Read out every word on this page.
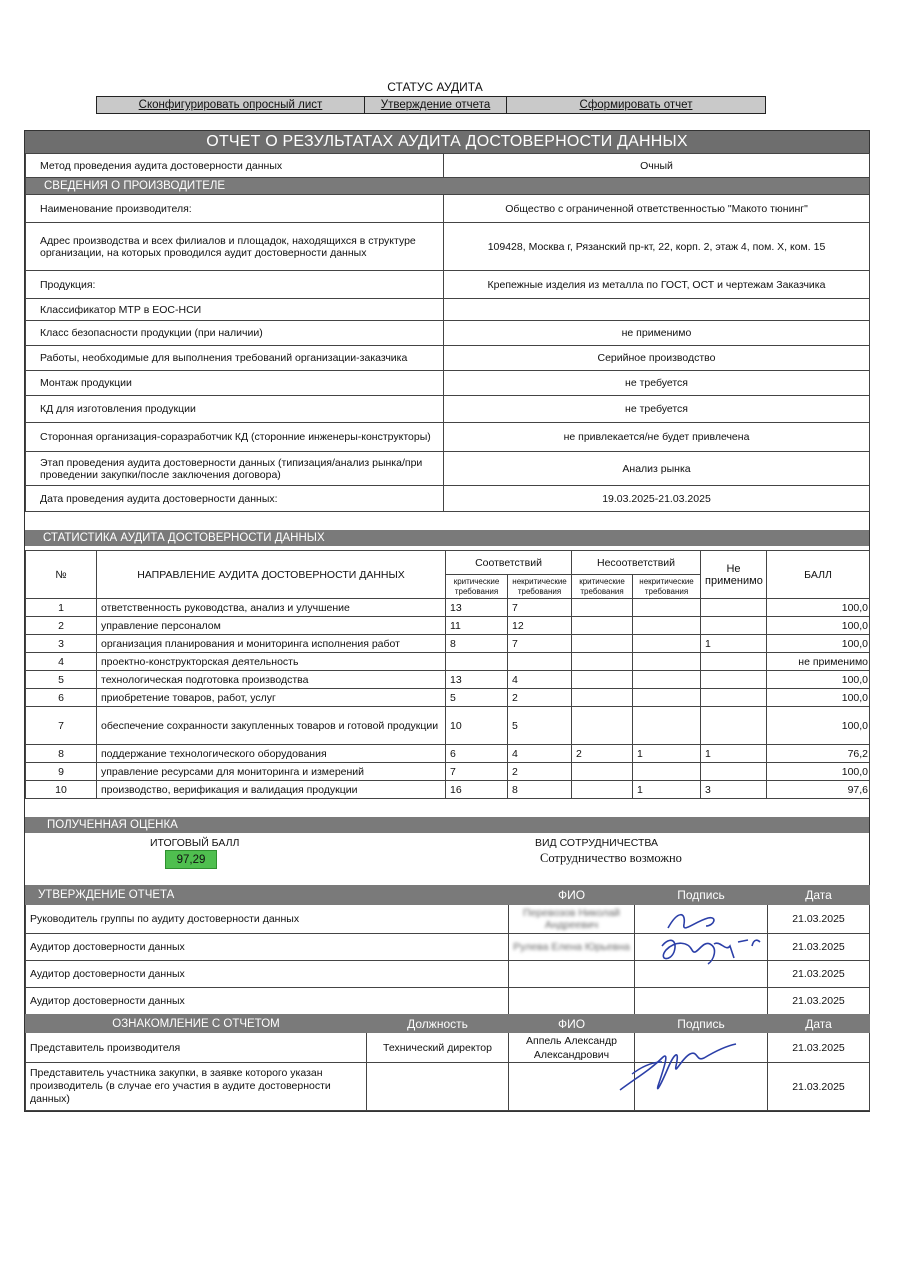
СТАТУС АУДИТА
Сконфигурировать опросный лист	Утверждение отчета	Сформировать отчет
ОТЧЕТ О РЕЗУЛЬТАТАХ АУДИТА ДОСТОВЕРНОСТИ ДАННЫХ
Метод проведения аудита достоверности данных	Очный
СВЕДЕНИЯ О ПРОИЗВОДИТЕЛЕ	
Наименование производителя:	Общество с ограниченной ответственностью "Макото тюнинг"
Адрес производства и всех филиалов и площадок, находящихся в структуре организации, на которых проводился аудит достоверности данных	109428, Москва г, Рязанский пр-кт, 22, корп. 2, этаж 4, пом. X, ком. 15
Продукция:	Крепежные изделия из металла по ГОСТ, ОСТ и чертежам Заказчика
Классификатор МТР в ЕОС-НСИ	
Класс безопасности продукции (при наличии)	не применимо
Работы, необходимые для выполнения требований организации-заказчика	Серийное производство
Монтаж продукции	не требуется
КД для изготовления продукции	не требуется
Сторонная организация-соразработчик КД (сторонние инженеры-конструкторы)	не привлекается/не будет привлечена
Этап проведения аудита достоверности данных (типизация/анализ рынка/при проведении закупки/после заключения договора)	Анализ рынка
Дата проведения аудита достоверности данных:	19.03.2025-21.03.2025
СТАТИСТИКА АУДИТА ДОСТОВЕРНОСТИ ДАННЫХ
№	НАПРАВЛЕНИЕ АУДИТА ДОСТОВЕРНОСТИ ДАННЫХ	Соответствий		Несоответствий		Не применимо	БАЛЛ
		критические требования	некритические требования	критические требования	некритические требования		
1	ответственность руководства, анализ и улучшение	13	7				100,0

2	управление персоналом	11	12				100,0

3	организация планирования и мониторинга исполнения работ	8	7			1	100,0

4	проектно-конструкторская деятельность						не применимо

5	технологическая подготовка производства	13	4				100,0

6	приобретение товаров, работ, услуг	5	2				100,0

7	обеспечение сохранности закупленных товаров и готовой продукции	10	5				100,0

8	поддержание технологического оборудования	6	4	2	1	1	76,2

9	управление ресурсами для мониторинга и измерений	7	2				100,0

10	производство, верификация и валидация продукции	16	8		1	3	97,6
ПОЛУЧЕННАЯ ОЦЕНКА
ИТОГОВЫЙ БАЛЛ
97,29
ВИД СОТРУДНИЧЕСТВА
Сотрудничество возможно
УТВЕРЖДЕНИЕ ОТЧЕТА	ФИО	Подпись	Дата
Руководитель группы по аудиту достоверности данных	Перевозов Николай Андреевич		21.03.2025
Аудитор достоверности данных	Рулева Елена Юрьевна		21.03.2025
Аудитор достоверности данных			21.03.2025
Аудитор достоверности данных			21.03.2025
ОЗНАКОМЛЕНИЕ С ОТЧЕТОМ	Должность	ФИО	Подпись	Дата
Представитель производителя	Технический директор	Аппель Александр Александрович		21.03.2025
Представитель участника закупки, в заявке которого указан производитель (в случае его участия в аудите достоверности данных)				21.03.2025
